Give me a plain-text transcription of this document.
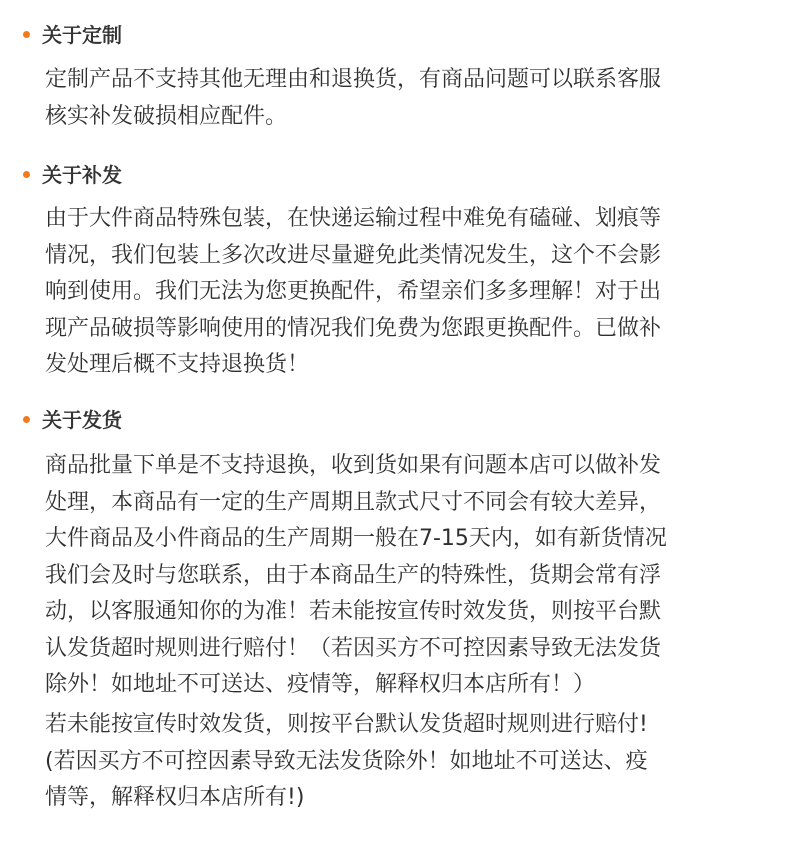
关于定制

定制产品不支持其他无理由和退换货，有商品问题可以联系客服
核实补发破损相应配件。

关于补发

由于大件商品特殊包装，在快递运输过程中难免有磕碰、划痕等
情况，我们包装上多次改进尽量避免此类情况发生，这个不会影
响到使用。我们无法为您更换配件，希望亲们多多理解！对于出
现产品破损等影响使用的情况我们免费为您跟更换配件。已做补
发处理后概不支持退换货！

关于发货

商品批量下单是不支持退换，收到货如果有问题本店可以做补发
处理，本商品有一定的生产周期且款式尺寸不同会有较大差异，
大件商品及小件商品的生产周期一般在7-15天内，如有新货情况
我们会及时与您联系，由于本商品生产的特殊性，货期会常有浮
动，以客服通知你的为准！若未能按宣传时效发货，则按平台默
认发货超时规则进行赔付！（若因买方不可控因素导致无法发货
除外！如地址不可送达、疫情等，解释权归本店所有！）

若未能按宣传时效发货，则按平台默认发货超时规则进行赔付!
(若因买方不可控因素导致无法发货除外！如地址不可送达、疫
情等，解释权归本店所有!)
